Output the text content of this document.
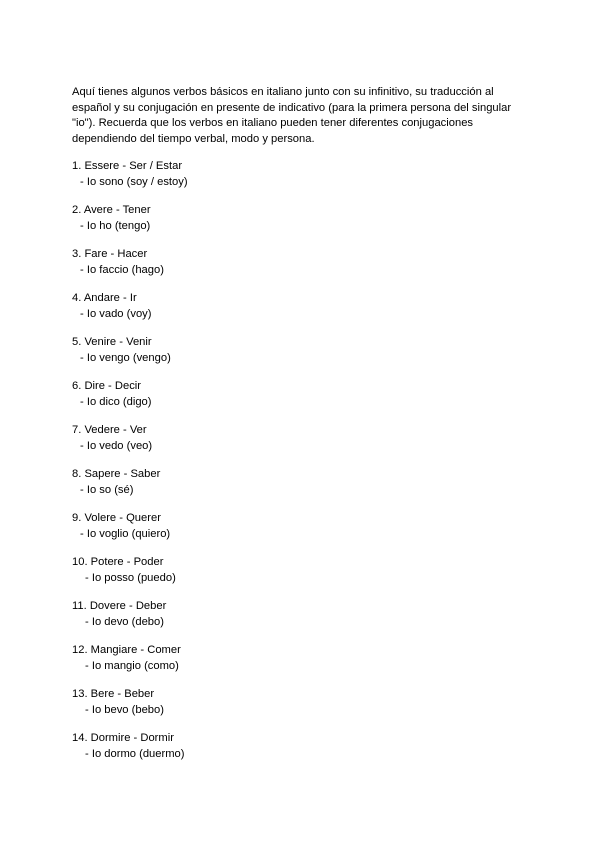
Aquí tienes algunos verbos básicos en italiano junto con su infinitivo, su traducción al
español y su conjugación en presente de indicativo (para la primera persona del singular
"io"). Recuerda que los verbos en italiano pueden tener diferentes conjugaciones
dependiendo del tiempo verbal, modo y persona.

1. Essere - Ser / Estar
- Io sono (soy / estoy)
2. Avere - Tener
- Io ho (tengo)
3. Fare - Hacer
- Io faccio (hago)
4. Andare - Ir
- Io vado (voy)
5. Venire - Venir
- Io vengo (vengo)
6. Dire - Decir
- Io dico (digo)
7. Vedere - Ver
- Io vedo (veo)
8. Sapere - Saber
- Io so (sé)
9. Volere - Querer
- Io voglio (quiero)
10. Potere - Poder
- Io posso (puedo)
11. Dovere - Deber
- Io devo (debo)
12. Mangiare - Comer
- Io mangio (como)
13. Bere - Beber
- Io bevo (bebo)
14. Dormire - Dormir
- Io dormo (duermo)
